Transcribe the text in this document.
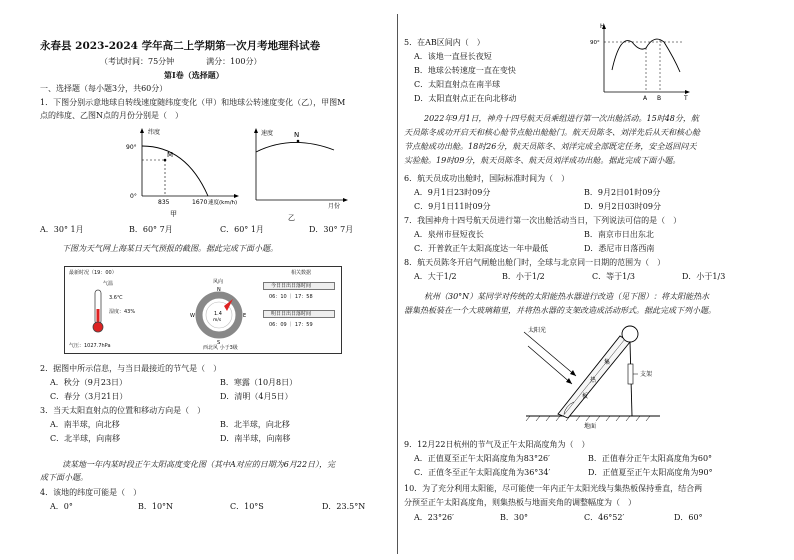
永春县 2023-2024 学年高二上学期第一次月考地理科试卷
（考试时间：75分钟　　　　满分：100分）
第Ⅰ卷（选择题）
一、选择题（每小题3分，共60分）
1．下图分别示意地球自转线速度随纬度变化（甲）和地球公转速度变化（乙），甲图M
点的纬度、乙图N点的月份分别是（　）
纬度
90°
0°
M
835	1670 速度(km/h)
甲
速度	N
月份
乙
A．30° 1月	B．60° 7月	C．60° 1月	D．30° 7月
下图为天气网上海某日天气预报的截图。据此完成下面小题。
最新时况（19：00）
气温
3.6℃
湿度：43%
气压：1027.7hPa
风向
N
S
W	E
1.4
m/s
西北风 小于3级
相关数据
今日日出日落时间
06：10 ｜ 17：58
明日日出日落时间
06：09 ｜ 17：59
2．据图中所示信息，与当日最接近的节气是（　）
A．秋分（9月23日）	B．寒露（10月8日）
C．春分（3月21日）	D．清明（4月5日）
3．当天太阳直射点的位置和移动方向是（　）
A．南半球，向北移	B．北半球，向北移
C．北半球，向南移	D．南半球，向南移
读某地一年内某时段正午太阳高度变化图（其中A对应的日期为6月22日），完
成下面小题。
4．该地的纬度可能是（　）
A．0°	B．10°N	C．10°S	D．23.5°N
5．在AB区间内（　）
A．该地一直昼长夜短
B．地球公转速度一直在变快
C．太阳直射点在南半球
D．太阳直射点正在向北移动
H
90°
A B	T
2022年9月1日，神舟十四号航天员乘组进行第一次出舱活动。15时48分，航
天员陈冬成功开启天和核心舱节点舱出舱舱门。航天员陈冬、刘洋先后从天和核心舱
节点舱成功出舱。18时26分，航天员陈冬、刘洋完成全部既定任务，安全返回问天
实验舱。19时09分，航天员陈冬、航天员刘洋成功出舱。据此完成下面小题。
6．航天员成功出舱时，国际标准时间为（　）
A．9月1日23时09分	B．9月2日01时09分
C．9月1日11时09分	D．9月2日03时09分
7．我国神舟十四号航天员进行第一次出舱活动当日，下列说法可信的是（　）
A．泉州市昼短夜长	B．南京市日出东北
C．开普敦正午太阳高度达一年中最低	D．悉尼市日落西南
8．航天员陈冬开启气闸舱出舱门时，全球与北京同一日期的范围为（　）
A．大于1/2	B．小于1/2	C．等于1/3	D．小于1/3
杭州（30°N）某同学对传统的太阳能热水器进行改造（见下图）：将太阳能热水
器集热板装在一个大玻璃箱里，并将热水器的支架改造成活动形式。据此完成下列小题。
太阳光
集
热
板
支架
地面
9．12月22日杭州的节气及正午太阳高度角为（　）
A．正值夏至正午太阳高度角为83°26′	B．正值春分正午太阳高度角为60°
C．正值冬至正午太阳高度角为36°34′	D．正值夏至正午太阳高度角为90°
10．为了充分利用太阳能，尽可能使一年内正午太阳光线与集热板保持垂直，结合两
分预至正午太阳高度角，则集热板与地面夹角的调整幅度为（　）
A．23°26′	B．30°	C．46°52′	D．60°
